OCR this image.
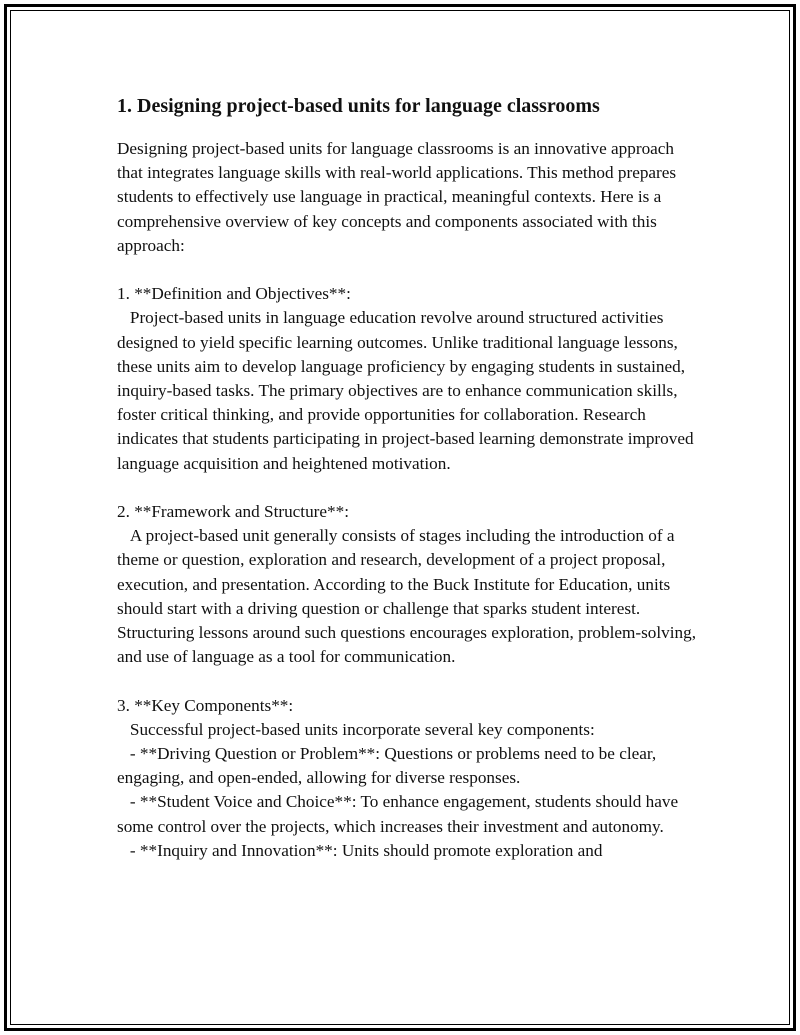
1. Designing project-based units for language classrooms

Designing project-based units for language classrooms is an innovative approach that integrates language skills with real-world applications. This method prepares students to effectively use language in practical, meaningful contexts. Here is a comprehensive overview of key concepts and components associated with this approach:

1. **Definition and Objectives**:

Project-based units in language education revolve around structured activities designed to yield specific learning outcomes. Unlike traditional language lessons, these units aim to develop language proficiency by engaging students in sustained, inquiry-based tasks. The primary objectives are to enhance communication skills, foster critical thinking, and provide opportunities for collaboration. Research indicates that students participating in project-based learning demonstrate improved language acquisition and heightened motivation.

2. **Framework and Structure**:

A project-based unit generally consists of stages including the introduction of a theme or question, exploration and research, development of a project proposal, execution, and presentation. According to the Buck Institute for Education, units should start with a driving question or challenge that sparks student interest. Structuring lessons around such questions encourages exploration, problem-solving, and use of language as a tool for communication.

3. **Key Components**:

Successful project-based units incorporate several key components:

- **Driving Question or Problem**: Questions or problems need to be clear, engaging, and open-ended, allowing for diverse responses.

- **Student Voice and Choice**: To enhance engagement, students should have some control over the projects, which increases their investment and autonomy.

- **Inquiry and Innovation**: Units should promote exploration and
